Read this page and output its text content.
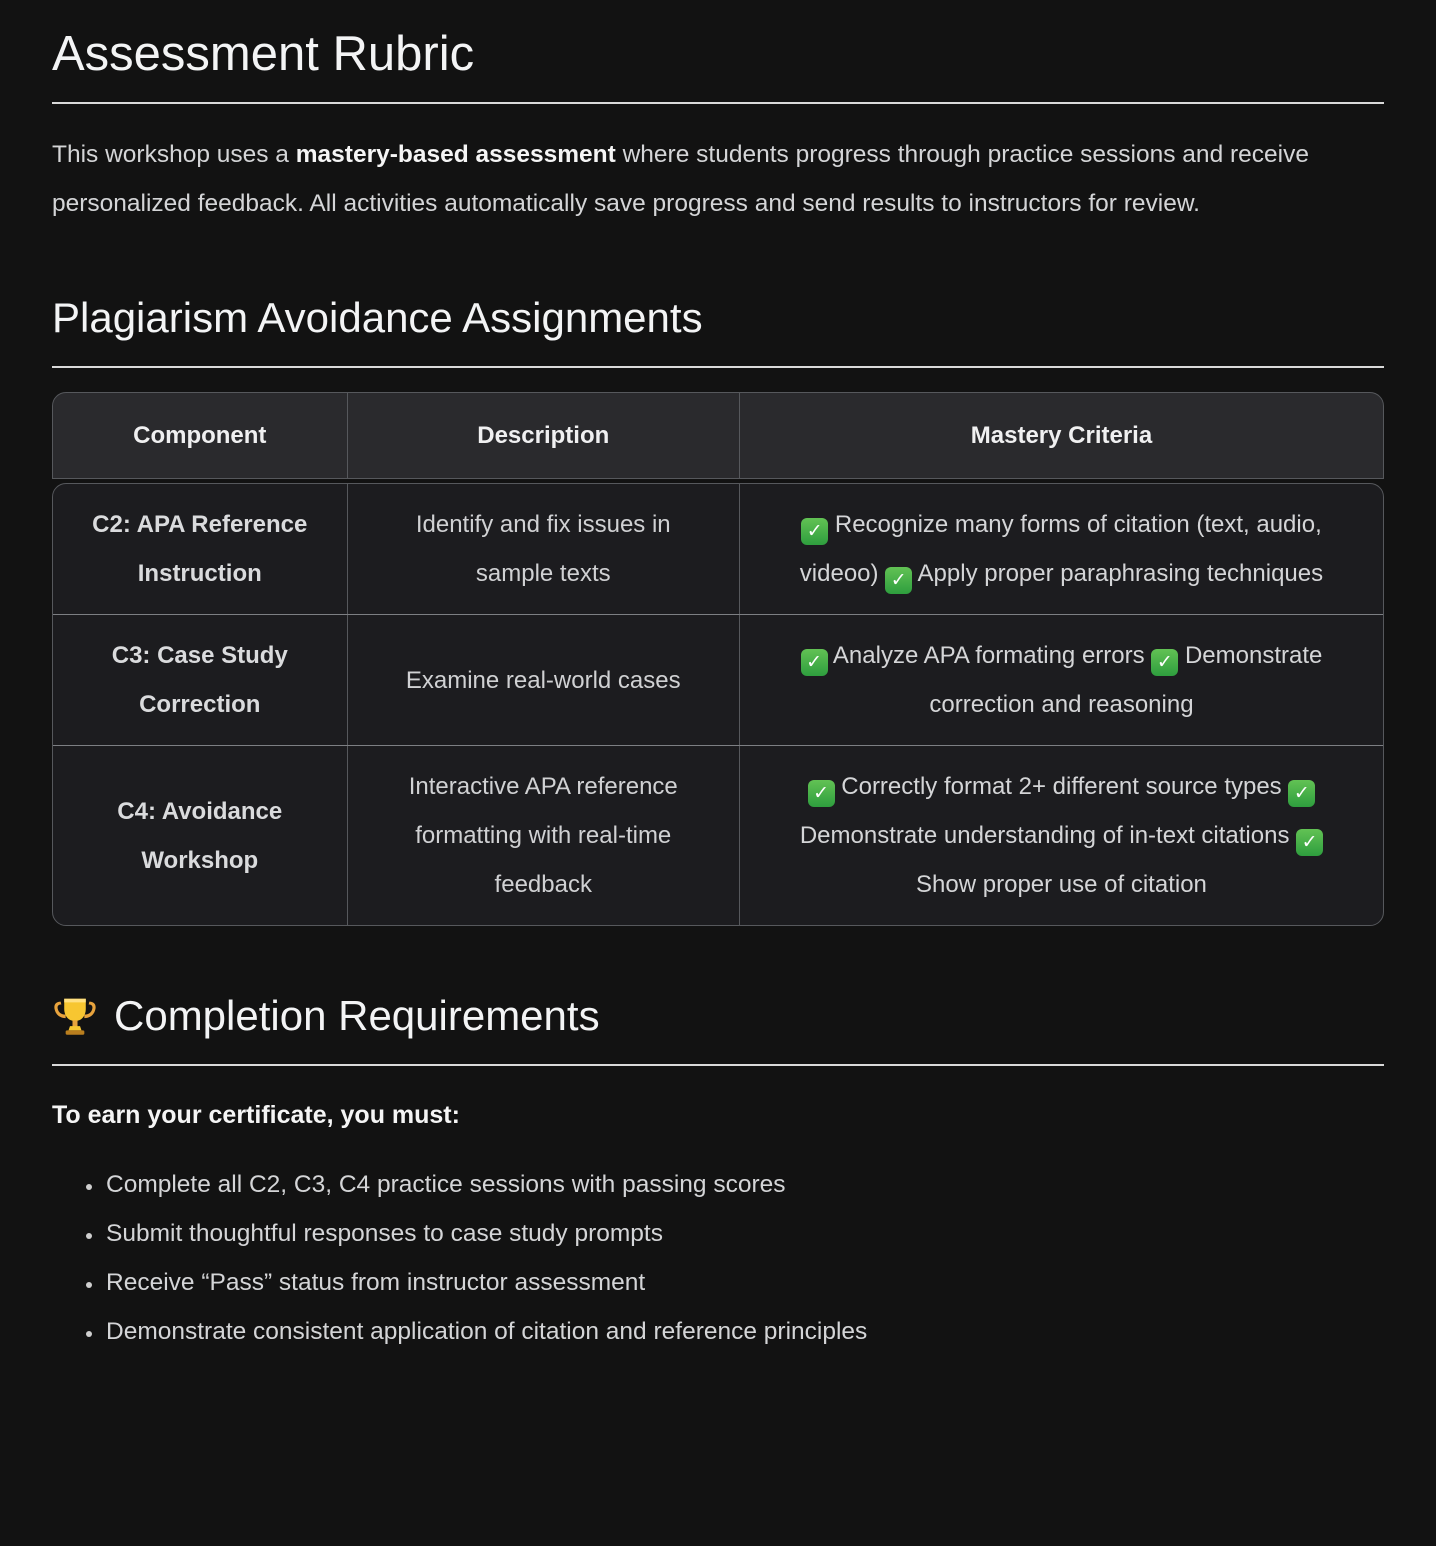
Assessment Rubric

This workshop uses a mastery-based assessment where students progress through practice sessions and receive personalized feedback. All activities automatically save progress and send results to instructors for review.

Plagiarism Avoidance Assignments
Component	Description	Mastery Criteria
C2: APA Reference Instruction
Identify and fix issues in sample texts
✓ Recognize many forms of citation (text, audio, videoo) ✓ Apply proper paraphrasing techniques
C3: Case Study Correction
Examine real-world cases
✓ Analyze APA formating errors ✓ Demonstrate correction and reasoning
C4: Avoidance Workshop
Interactive APA reference formatting with real-time feedback
✓ Correctly format 2+ different source types ✓ Demonstrate understanding of in-text citations ✓ Show proper use of citation
Completion Requirements

To earn your certificate, you must:

• Complete all C2, C3, C4 practice sessions with passing scores
• Submit thoughtful responses to case study prompts
• Receive “Pass” status from instructor assessment
• Demonstrate consistent application of citation and reference principles
